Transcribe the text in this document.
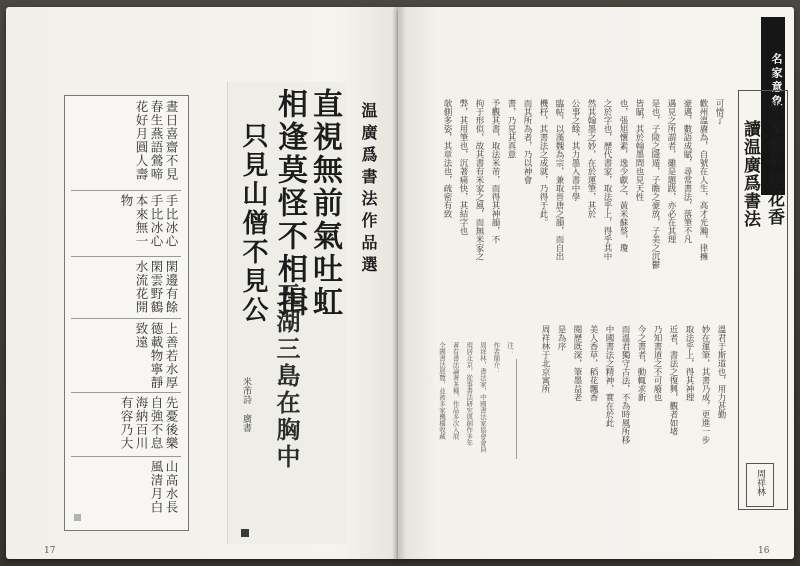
晝日喜齋不見春生燕語鶯啼花好月圓人壽
手比冰心手比冰心本來無一物
閑邊有餘閑雲野鶴水流花開
上善若水厚德載物寧靜致遠
先憂後樂自強不息海納百川有容乃大
山高水長風清月白
直視無前氣吐虹
相逢莫怪不相揖
只見山僧不見公
五湖三島在胸中
米芾詩 廣書
温廣爲書法作品選
17
名家意象
米家船外稻花香
讀温廣爲書法
周祥林
可惜了
歡州溫賡為，自號在人生，高才光瀚，律擁
豪邁，數語成賦，尋常書法，落筆不凡
遇見之所謂者，雖是題跋，亦必在其理
是也，子陵之隱遁，子瞻之豪放，子美之沉鬱
皆賦，其於翰墨間也見天性
也，張旭懷素，逸少獻之，黃米蘇蔡，瓊
之於字也，歷代書家，取法乎上，得乎其中
然其翰墨之妙，在於運筆，其於
公事之餘，其力墨入書中學
臨帖，以漢魏為宗，兼取晉唐之韻，而自出
機杼，其書法之成就，乃得于此。
而其所為者，乃以神會
書，乃見其真意
予觀其書，取法米芾，而得其神韻，不
拘于形似，故其書有米家之風，而無米家之
弊，其用筆也，沉著痛快，其結字也
欹側多姿，其章法也，疏密有致
溫君于斯道也，用力甚勤
妙在運筆，其書乃成，更進一步
取法乎上，得其神理
近者，書法之復興，觀者如堵
乃知書道之不可廢也
今之書者，動輒求新
而溫君獨守古法，不為時風所移
中國書法之精神，實在於此
美人香草，稻花飄香
閱歷既深，筆墨益老
是為序
周祥林于北京寓所
注：
作者簡介：
周祥林，書法家，中國書法家協會會員
現居北京，從事書法研究與創作多年
著有書法論著多種，作品多次入展
全國書法展覽，並被多家機構收藏
16
